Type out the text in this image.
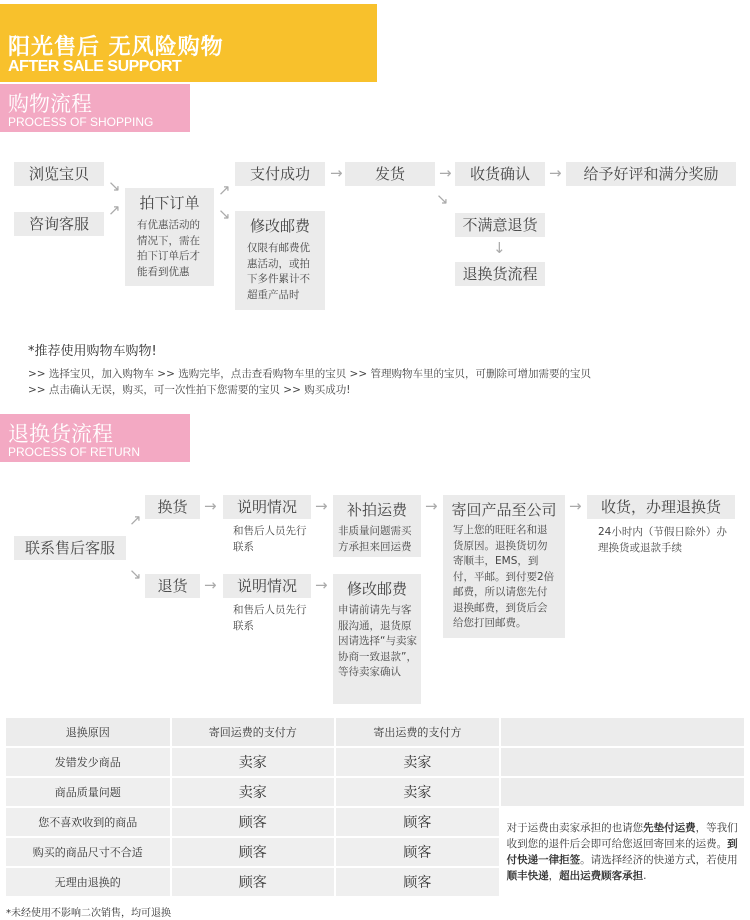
阳光售后 无风险购物
AFTER SALE SUPPORT
购物流程
PROCESS OF SHOPPING
浏览宝贝
咨询客服
↘
↗	拍下订单
有优惠活动的情况下，需在拍下订单后才能看到优惠
↗
↘
支付成功
修改邮费
仅限有邮费优惠活动，或拍下多件累计不超重产品时
→	发货	→	收货确认	→	给予好评和满分奖励
↘
不满意退货
↓
退换货流程
*推荐使用购物车购物!
>> 选择宝贝，加入购物车 >> 选购完毕，点击查看购物车里的宝贝 >> 管理购物车里的宝贝，可删除可增加需要的宝贝
>> 点击确认无误，购买，可一次性拍下您需要的宝贝 >> 购买成功!
退换货流程
PROCESS OF RETURN
联系售后客服
↗
↘
换货	→	说明情况
和售后人员先行联系
→	补拍运费
非质量问题需买方承担来回运费
→ 寄回产品至公司
写上您的旺旺名和退货原因。退换货切勿寄顺丰，EMS，到付，平邮。到付要2倍邮费，所以请您先付退换邮费，到货后会给您打回邮费。
→	收货，办理退换货
24小时内（节假日除外）办理换货或退款手续
退货	→	说明情况
和售后人员先行联系
→	修改邮费
申请前请先与客服沟通，退货原因请选择“与卖家协商一致退款”，等待卖家确认
退换原因	寄回运费的支付方	寄出运费的支付方	
发错发少商品	卖家	卖家	
商品质量问题	卖家	卖家	
您不喜欢收到的商品	顾客	顾客	对于运费由卖家承担的也请您先垫付运费，等我们收到您的退件后会即可给您返回寄回来的运费。到付快递一律拒签。请选择经济的快递方式，若使用顺丰快递，超出运费顾客承担.
购买的商品尺寸不合适	顾客	顾客	
无理由退换的	顾客	顾客	
*未经使用不影响二次销售，均可退换
